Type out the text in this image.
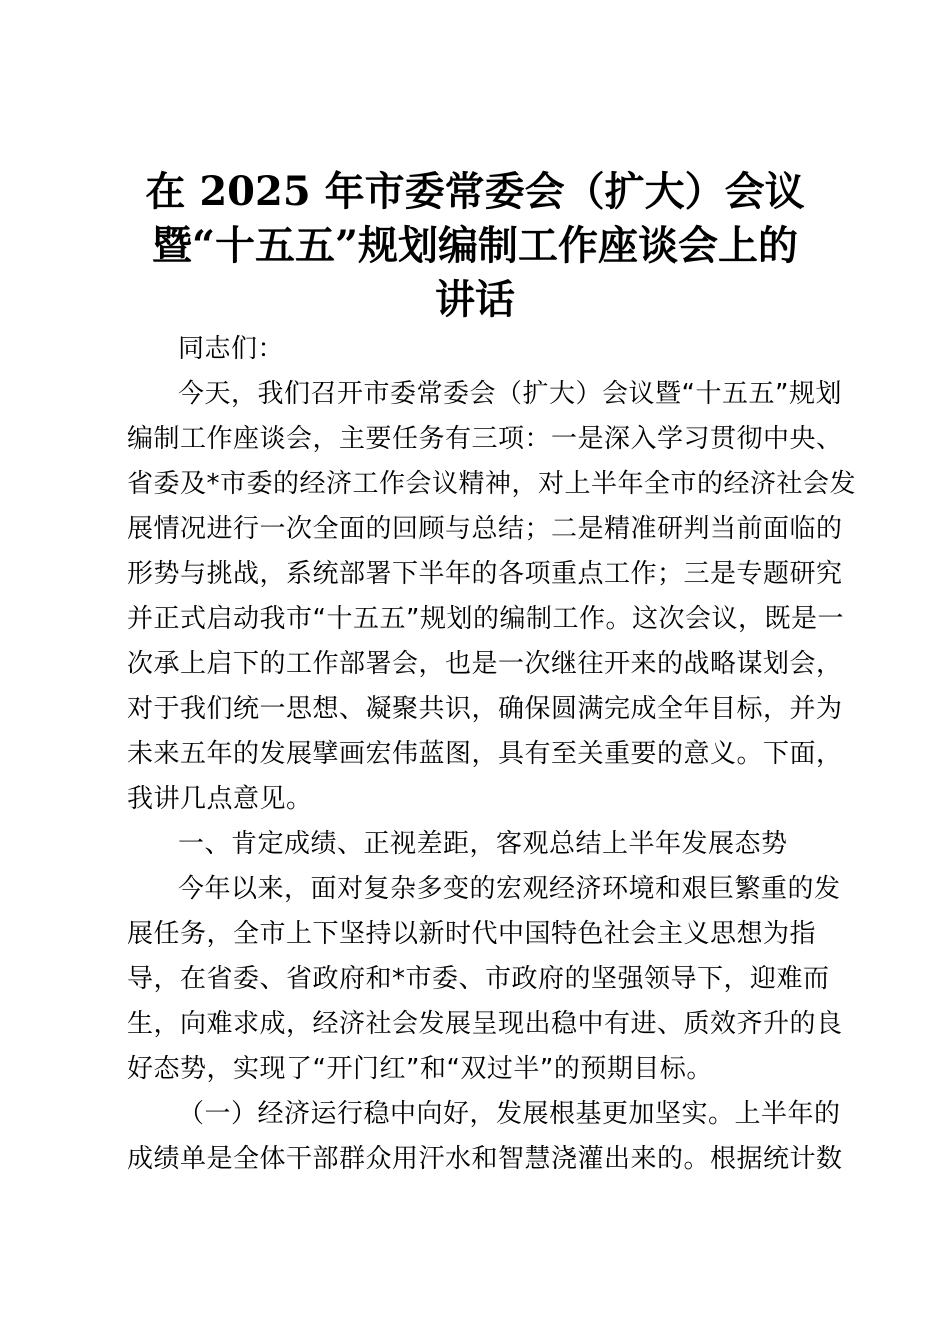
在 2025 年市委常委会（扩大）会议
暨“十五五”规划编制工作座谈会上的
讲话
同志们：
今天，我们召开市委常委会（扩大）会议暨“十五五”规划
编制工作座谈会，主要任务有三项：一是深入学习贯彻中央、
省委及*市委的经济工作会议精神，对上半年全市的经济社会发
展情况进行一次全面的回顾与总结；二是精准研判当前面临的
形势与挑战，系统部署下半年的各项重点工作；三是专题研究
并正式启动我市“十五五”规划的编制工作。这次会议，既是一
次承上启下的工作部署会，也是一次继往开来的战略谋划会，
对于我们统一思想、凝聚共识，确保圆满完成全年目标，并为
未来五年的发展擘画宏伟蓝图，具有至关重要的意义。下面，
我讲几点意见。
一、肯定成绩、正视差距，客观总结上半年发展态势
今年以来，面对复杂多变的宏观经济环境和艰巨繁重的发
展任务，全市上下坚持以新时代中国特色社会主义思想为指
导，在省委、省政府和*市委、市政府的坚强领导下，迎难而
生，向难求成，经济社会发展呈现出稳中有进、质效齐升的良
好态势，实现了“开门红”和“双过半”的预期目标。
（一）经济运行稳中向好，发展根基更加坚实。上半年的
成绩单是全体干部群众用汗水和智慧浇灌出来的。根据统计数
